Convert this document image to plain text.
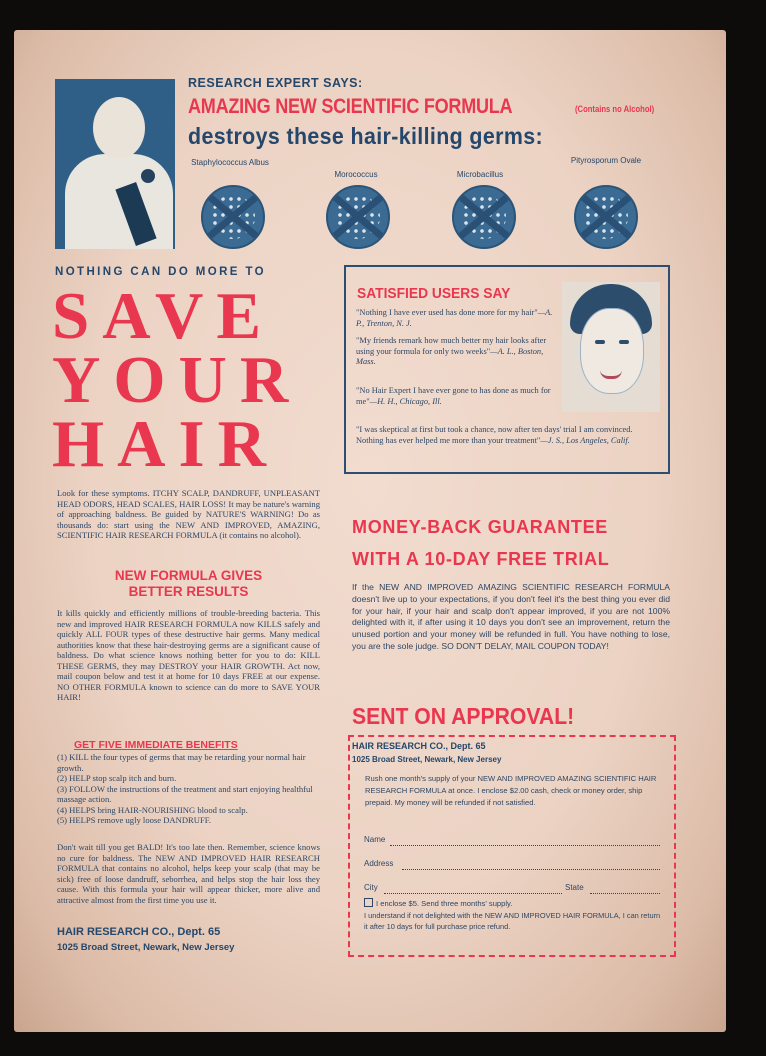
RESEARCH EXPERT SAYS:
AMAZING NEW SCIENTIFIC FORMULA	(Contains no Alcohol)
destroys these hair-killing germs:
Staphylococcus Albus
Morococcus	Microbacillus
Pityrosporum Ovale
NOTHING CAN DO MORE TO
SAVE
YOUR
HAIR
Look for these symptoms. ITCHY SCALP, DANDRUFF, UNPLEASANT HEAD ODORS, HEAD SCALES, HAIR LOSS! It may be nature's warning of approaching baldness. Be guided by NATURE'S WARNING! Do as thousands do: start using the NEW AND IMPROVED, AMAZING, SCIENTIFIC HAIR RESEARCH FORMULA (it contains no alcohol).
NEW FORMULA GIVES
BETTER RESULTS
It kills quickly and efficiently millions of trouble-breeding bacteria. This new and improved HAIR RESEARCH FORMULA now KILLS safely and quickly ALL FOUR types of these destructive hair germs. Many medical authorities know that these hair-destroying germs are a significant cause of baldness. Do what science knows nothing better for you to do: KILL THESE GERMS, they may DESTROY your HAIR GROWTH. Act now, mail coupon below and test it at home for 10 days FREE at our expense. NO OTHER FORMULA known to science can do more to SAVE YOUR HAIR!
GET FIVE IMMEDIATE BENEFITS
(1) KILL the four types of germs that may be retarding your normal hair growth.
(2) HELP stop scalp itch and burn.
(3) FOLLOW the instructions of the treatment and start enjoying healthful massage action.
(4) HELPS bring HAIR-NOURISHING blood to scalp.
(5) HELPS remove ugly loose DANDRUFF.
Don't wait till you get BALD! It's too late then. Remember, science knows no cure for baldness. The NEW AND IMPROVED HAIR RESEARCH FORMULA that contains no alcohol, helps keep your scalp (that may be sick) free of loose dandruff, seborrhea, and helps stop the hair loss they cause. With this formula your hair will appear thicker, more alive and attractive almost from the first time you use it.
HAIR RESEARCH CO., Dept. 65
1025 Broad Street, Newark, New Jersey
SATISFIED USERS SAY
"Nothing I have ever used has done more for my hair"—A. P., Trenton, N. J.
"My friends remark how much better my hair looks after using your formula for only two weeks"—A. L., Boston, Mass.
"No Hair Expert I have ever gone to has done as much for me"—H. H., Chicago, Ill.
"I was skeptical at first but took a chance, now after ten days' trial I am convinced. Nothing has ever helped me more than your treatment"—J. S., Los Angeles, Calif.
MONEY-BACK GUARANTEE
WITH A 10-DAY FREE TRIAL
If the NEW AND IMPROVED AMAZING SCIENTIFIC RESEARCH FORMULA doesn't live up to your expectations, if you don't feel it's the best thing you ever did for your hair, if your hair and scalp don't appear improved, if you are not 100% delighted with it, if after using it 10 days you don't see an improvement, return the unused portion and your money will be refunded in full. You have nothing to lose, you are the sole judge. SO DON'T DELAY, MAIL COUPON TODAY!
SENT ON APPROVAL!
HAIR RESEARCH CO., Dept. 65
1025 Broad Street, Newark, New Jersey
Rush one month's supply of your NEW AND IMPROVED AMAZING SCIENTIFIC HAIR RESEARCH FORMULA at once. I enclose $2.00 cash, check or money order, ship prepaid. My money will be refunded if not satisfied.
Name
Address
City	State
I enclose $5. Send three months' supply.
I understand if not delighted with the NEW AND IMPROVED HAIR FORMULA, I can return it after 10 days for full purchase price refund.
